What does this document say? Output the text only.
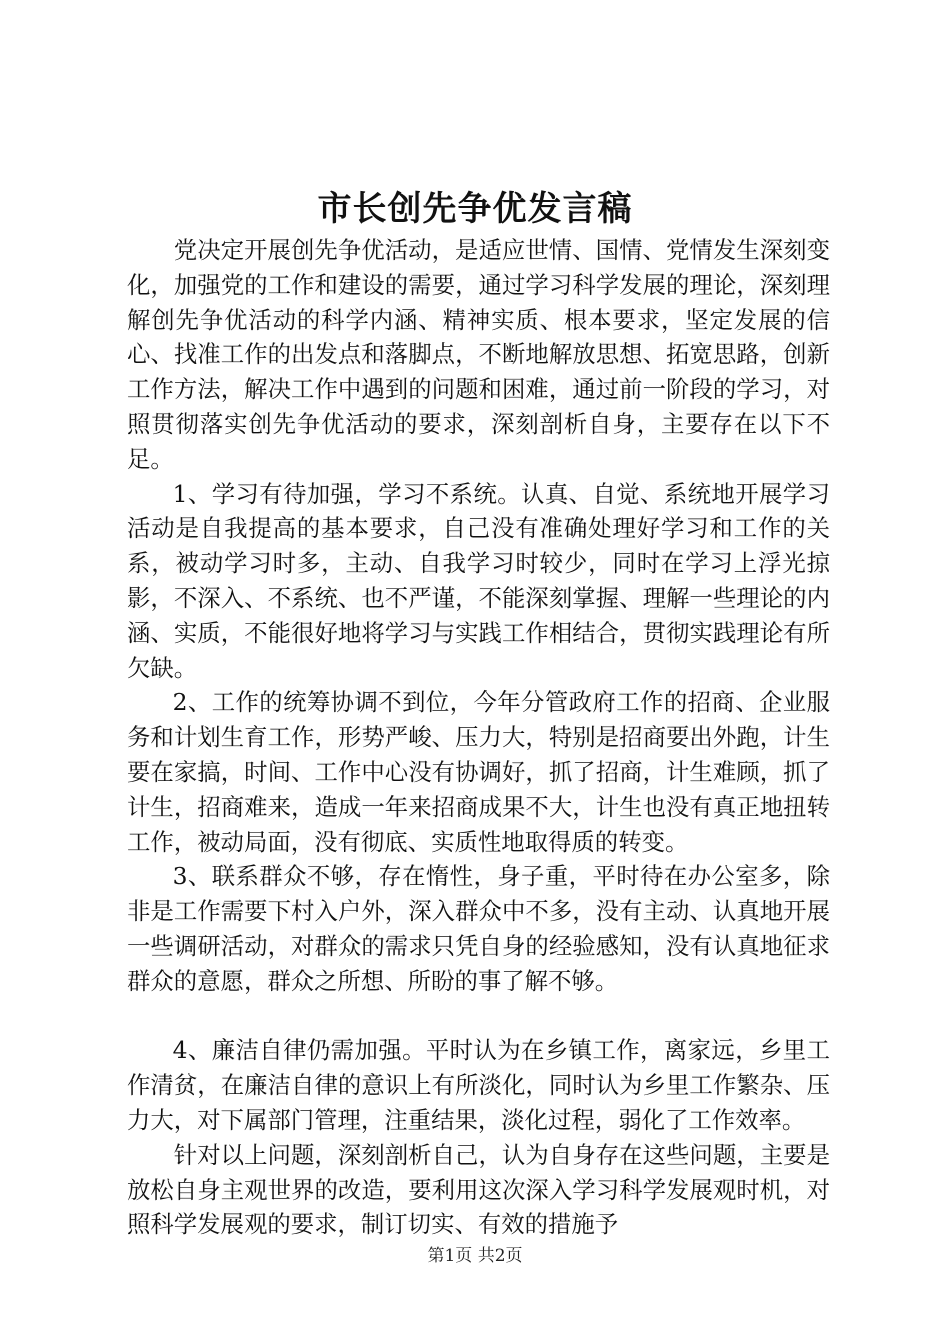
市长创先争优发言稿

党决定开展创先争优活动，是适应世情、国情、党情发生深刻变化，加强党的工作和建设的需要，通过学习科学发展的理论，深刻理解创先争优活动的科学内涵、精神实质、根本要求，坚定发展的信心、找准工作的出发点和落脚点，不断地解放思想、拓宽思路，创新工作方法，解决工作中遇到的问题和困难，通过前一阶段的学习，对照贯彻落实创先争优活动的要求，深刻剖析自身，主要存在以下不足。

1、学习有待加强，学习不系统。认真、自觉、系统地开展学习活动是自我提高的基本要求，自己没有准确处理好学习和工作的关系，被动学习时多，主动、自我学习时较少，同时在学习上浮光掠影，不深入、不系统、也不严谨，不能深刻掌握、理解一些理论的内涵、实质，不能很好地将学习与实践工作相结合，贯彻实践理论有所欠缺。

2、工作的统筹协调不到位，今年分管政府工作的招商、企业服务和计划生育工作，形势严峻、压力大，特别是招商要出外跑，计生要在家搞，时间、工作中心没有协调好，抓了招商，计生难顾，抓了计生，招商难来，造成一年来招商成果不大，计生也没有真正地扭转工作，被动局面，没有彻底、实质性地取得质的转变。

3、联系群众不够，存在惰性，身子重，平时待在办公室多，除非是工作需要下村入户外，深入群众中不多，没有主动、认真地开展一些调研活动，对群众的需求只凭自身的经验感知，没有认真地征求群众的意愿，群众之所想、所盼的事了解不够。

4、廉洁自律仍需加强。平时认为在乡镇工作，离家远，乡里工作清贫，在廉洁自律的意识上有所淡化，同时认为乡里工作繁杂、压力大，对下属部门管理，注重结果，淡化过程，弱化了工作效率。

针对以上问题，深刻剖析自己，认为自身存在这些问题，主要是放松自身主观世界的改造，要利用这次深入学习科学发展观时机，对照科学发展观的要求，制订切实、有效的措施予

第1页 共2页
